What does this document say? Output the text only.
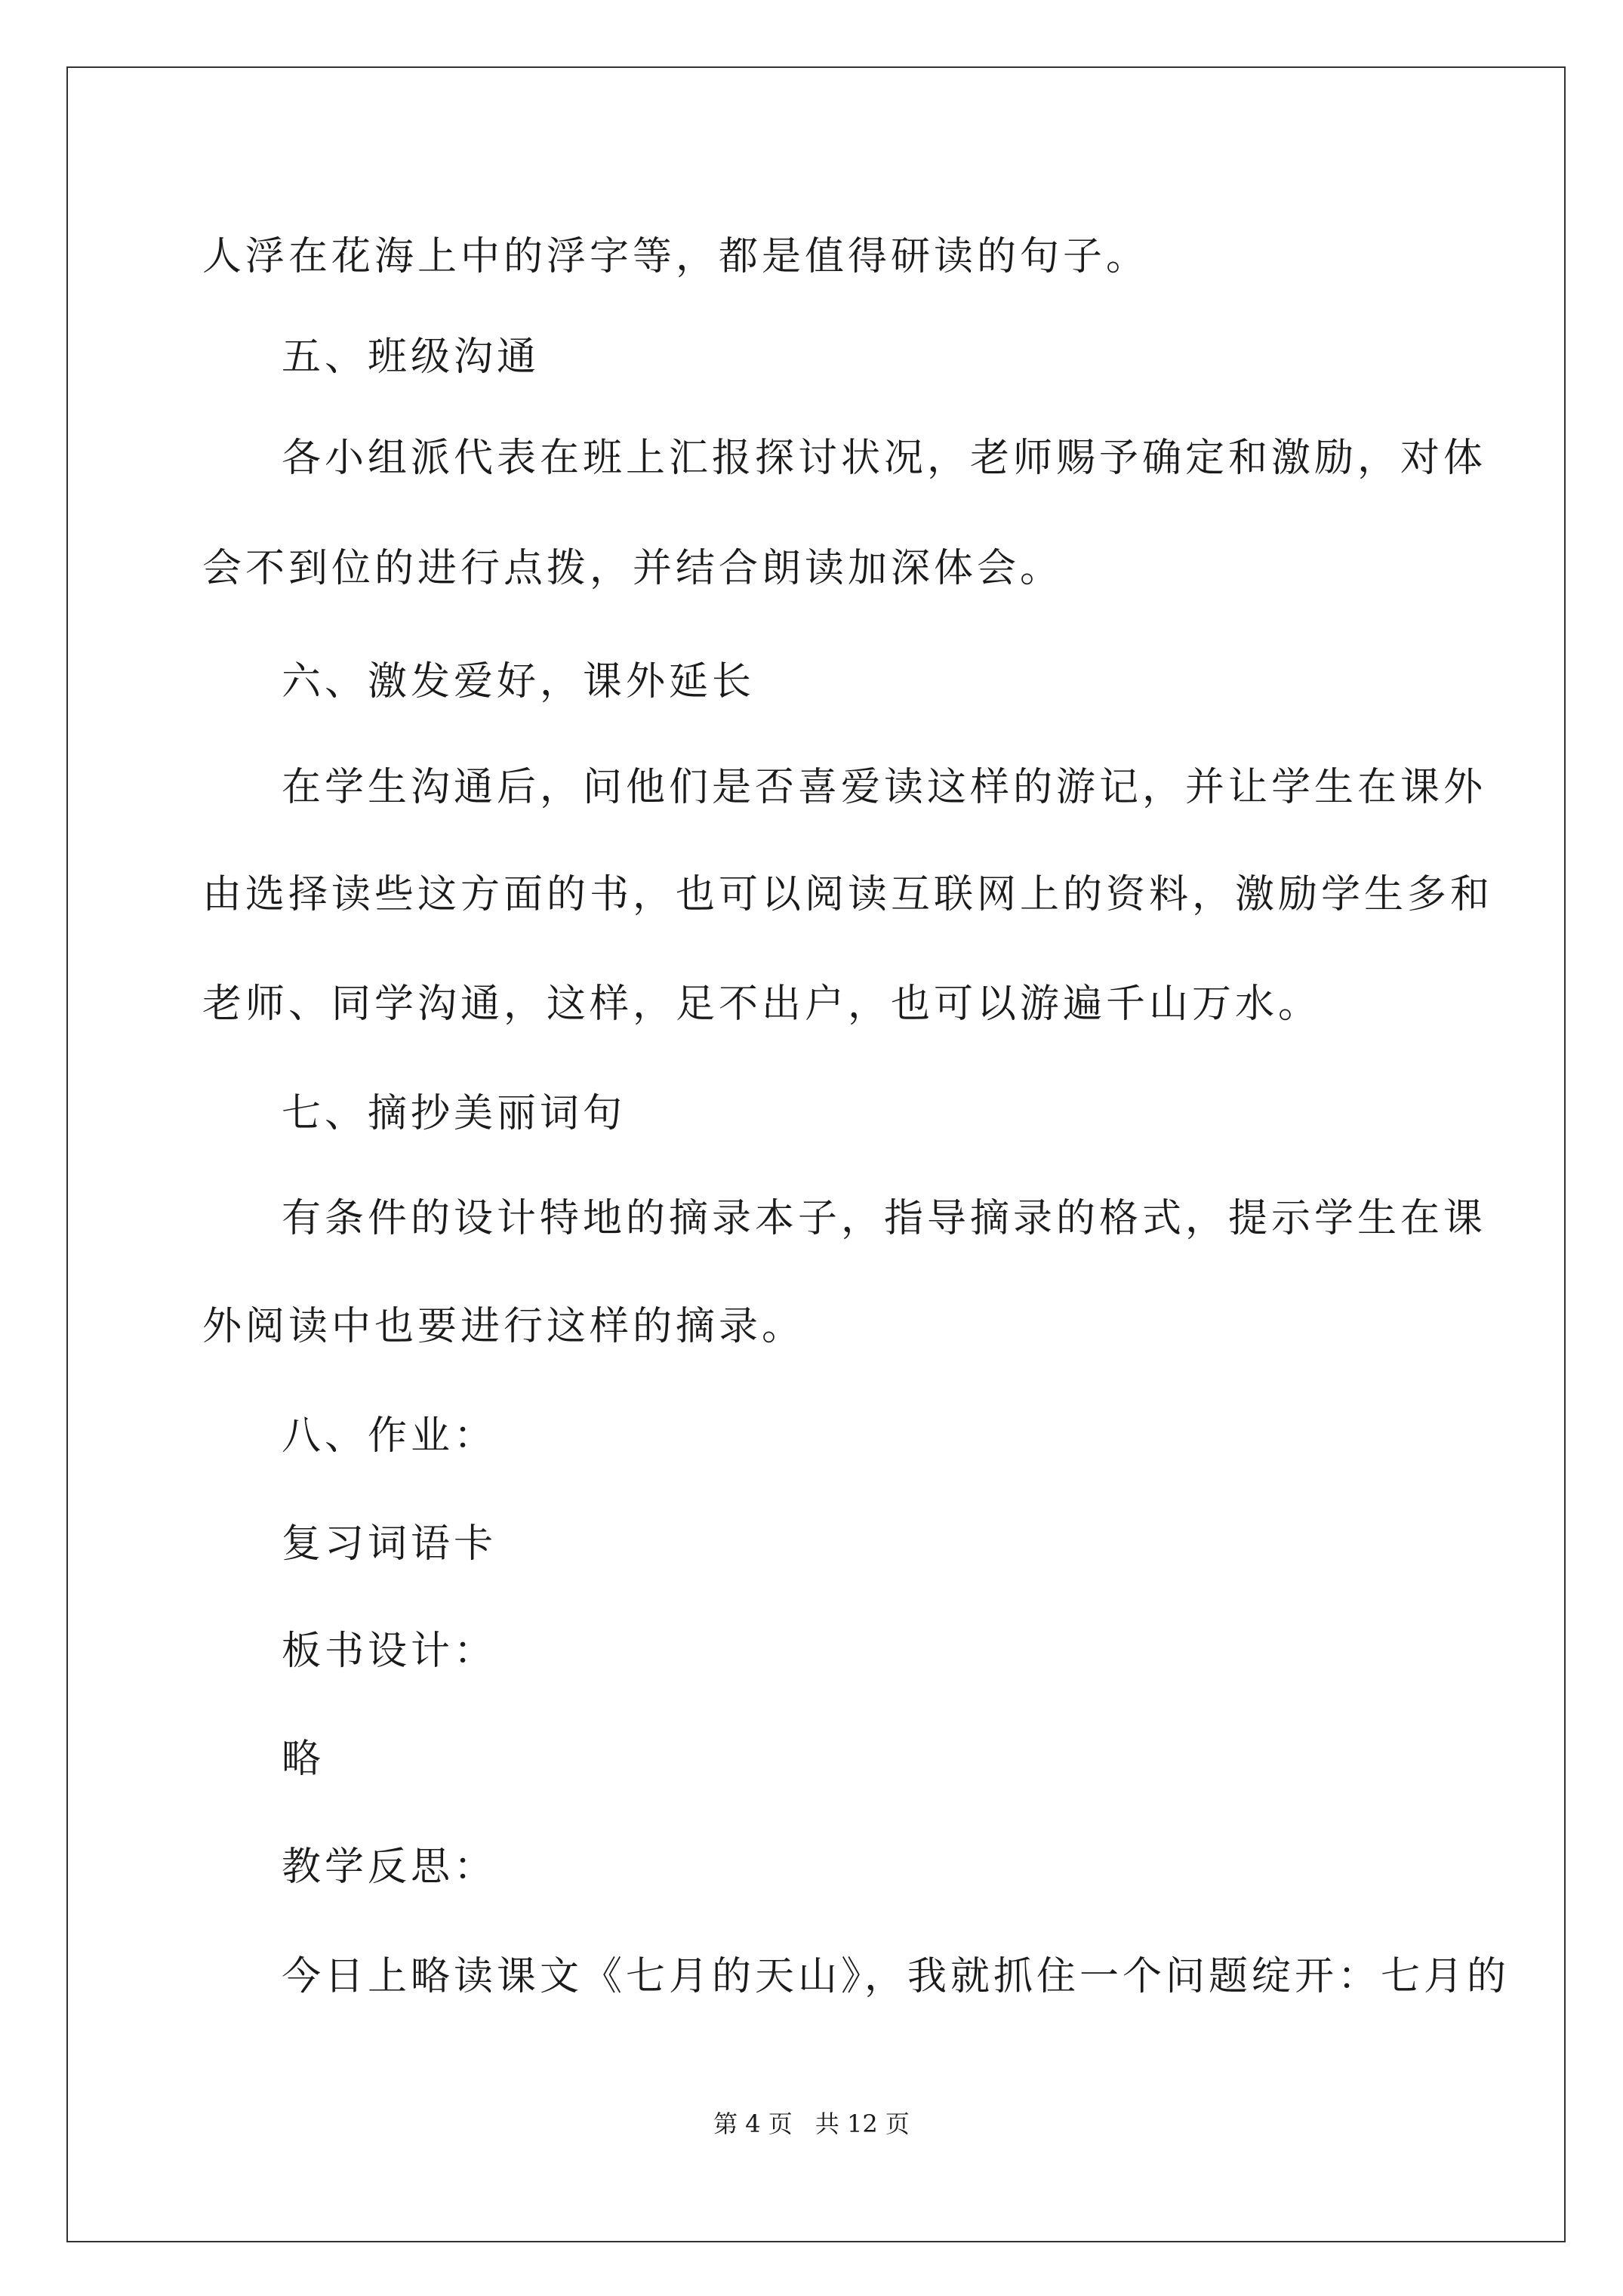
人浮在花海上中的浮字等，都是值得研读的句子。
五、班级沟通
各小组派代表在班上汇报探讨状况，老师赐予确定和激励，对体
会不到位的进行点拨，并结合朗读加深体会。
六、激发爱好，课外延长
在学生沟通后，问他们是否喜爱读这样的游记，并让学生在课外
由选择读些这方面的书，也可以阅读互联网上的资料，激励学生多和
老师、同学沟通，这样，足不出户，也可以游遍千山万水。
七、摘抄美丽词句
有条件的设计特地的摘录本子，指导摘录的格式，提示学生在课
外阅读中也要进行这样的摘录。
八、作业：
复习词语卡
板书设计：
略
教学反思：
今日上略读课文《七月的天山》，我就抓住一个问题绽开：七月的
第 4 页 共 12 页
